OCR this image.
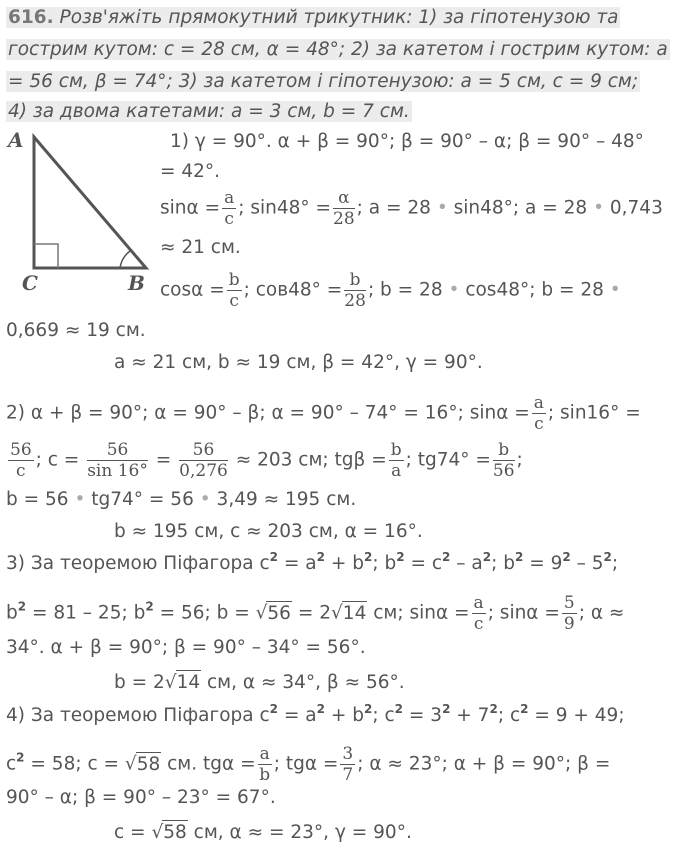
616. Розв'яжіть прямокутний трикутник: 1) за гіпотенузою та
гострим кутом: c = 28 см, α = 48°; 2) за катетом і гострим кутом: a
= 56 см, β = 74°; 3) за катетом і гіпотенузою: a = 5 см, c = 9 см;
4) за двома катетами: a = 3 см, b = 7 см.
A
C	B
1) γ = 90°. α + β = 90°; β = 90° – α; β = 90° – 48°
= 42°.
$\sin\alpha = \frac{a}{c}$ ; $\sin 48^\circ = \frac{\alpha}{28}$ ; a = 28 • sin48°; a = 28 • 0,743
≈ 21 см.
$\cos\alpha = \frac{b}{c}$ ; $сов48^\circ = \frac{b}{28}$ ; b = 28 • cos48°; b = 28 •
0,669 ≈ 19 см.
a ≈ 21 см, b ≈ 19 см, β = 42°, γ = 90°.
2) α + β = 90°; α = 90° – β; α = 90° – 74° = 16°; $\sin\alpha = \frac{a}{c}$ ; sin16° =
$\frac{56}{c}$ ; $c = \frac{56}{\sin 16^\circ} = \frac{56}{0,276} \approx 203$ см; $tg\beta = \frac{b}{a}$ ; $tg74^\circ = \frac{b}{56}$ ;
b = 56 • tg74° = 56 • 3,49 ≈ 195 см.
b ≈ 195 см, c ≈ 203 см, α = 16°.
3) За теоремою Піфагора $c^2 = a^2 + b^2$; $b^2 = c^2 - a^2$; $b^2 = 9^2 - 5^2$;
$b^2 = 81 - 25$; $b^2 = 56$; b = √56 = 2√14 см; $\sin\alpha = \frac{a}{c}$ ; $\sin\alpha = \frac{5}{9}$ ; α ≈
34°. α + β = 90°; β = 90° – 34° = 56°.
b = 2√14 см, α ≈ 34°, β ≈ 56°.
4) За теоремою Піфагора $c^2 = a^2 + b^2$; $c^2 = 3^2 + 7^2$; $c^2 = 9 + 49$;
$c^2 = 58$; c = √58 см. $tg\alpha = \frac{a}{b}$ ; $tg\alpha = \frac{3}{7}$ ; α ≈ 23°; α + β = 90°; β =
90° – α; β = 90° – 23° = 67°.
c = √58 см, α ≈ = 23°, γ = 90°.
